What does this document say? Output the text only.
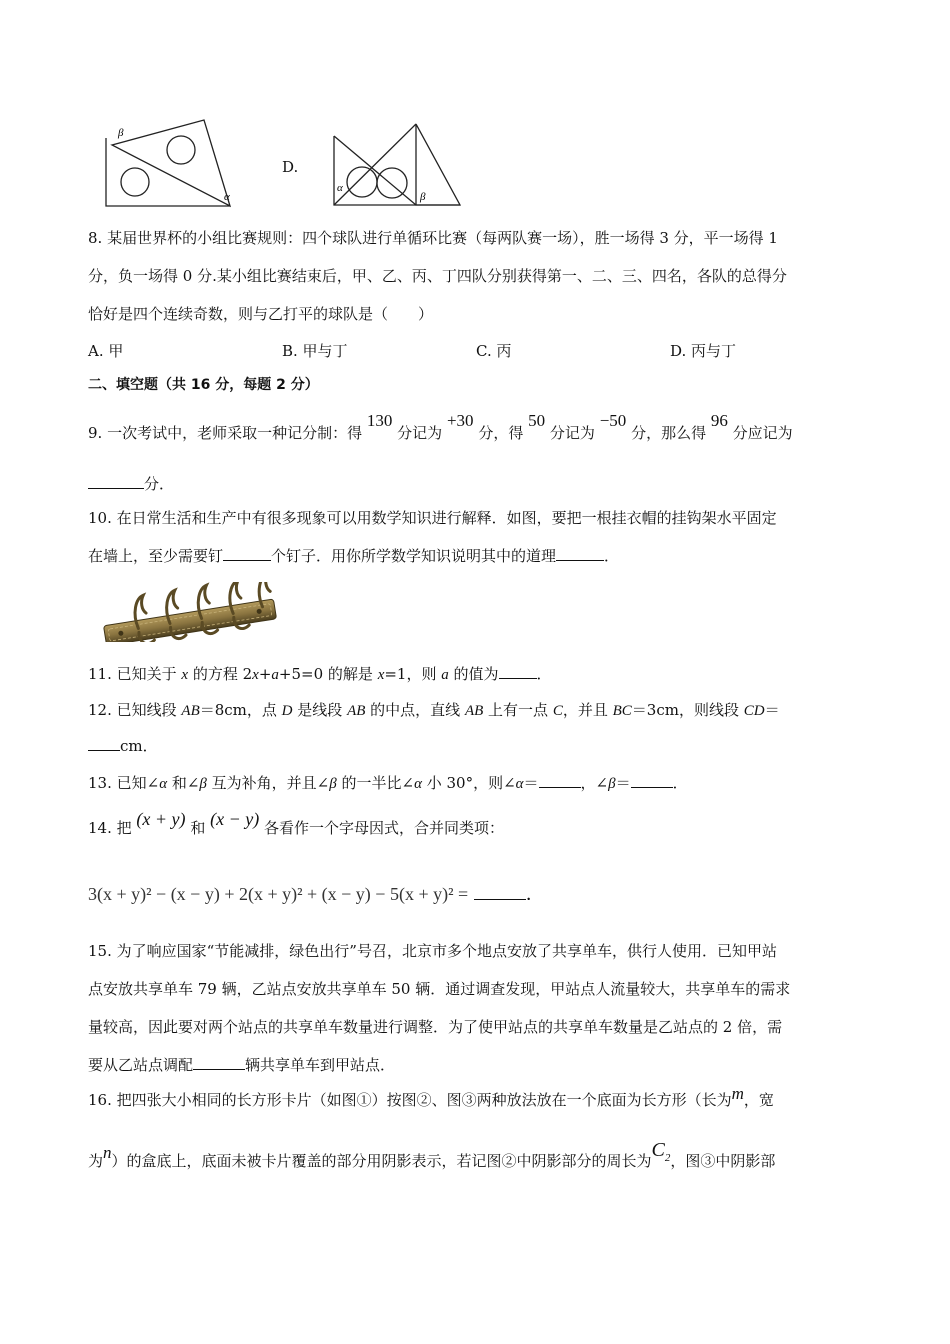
β
α
D.
α
β
8. 某届世界杯的小组比赛规则：四个球队进行单循环比赛（每两队赛一场），胜一场得 3 分，平一场得 1
分，负一场得 0 分.某小组比赛结束后，甲、乙、丙、丁四队分别获得第一、二、三、四名，各队的总得分
恰好是四个连续奇数，则与乙打平的球队是（　　）
A. 甲	B. 甲与丁	C. 丙	D. 丙与丁
二、填空题（共 16 分，每题 2 分）
9. 一次考试中，老师采取一种记分制：得 130 分记为 +30 分，得 50 分记为 −50 分，那么得 96 分应记为
分．
10. 在日常生活和生产中有很多现象可以用数学知识进行解释．如图，要把一根挂衣帽的挂钩架水平固定
在墙上，至少需要钉	个钉子．用你所学数学知识说明其中的道理	．
11. 已知关于 x 的方程 2x+a+5=0 的解是 x=1，则 a 的值为	．
12. 已知线段 AB＝8cm，点 D 是线段 AB 的中点，直线 AB 上有一点 C，并且 BC＝3cm，则线段 CD＝
cm．
13. 已知∠α 和∠β 互为补角，并且∠β 的一半比∠α 小 30°，则∠α＝	，∠β＝	．
14. 把 (x + y) 和 (x − y) 各看作一个字母因式，合并同类项：
3(x + y)² − (x − y) + 2(x + y)² + (x − y) − 5(x + y)² =	．
15. 为了响应国家“节能减排，绿色出行”号召，北京市多个地点安放了共享单车，供行人使用．已知甲站
点安放共享单车 79 辆，乙站点安放共享单车 50 辆．通过调查发现，甲站点人流量较大，共享单车的需求
量较高，因此要对两个站点的共享单车数量进行调整．为了使甲站点的共享单车数量是乙站点的 2 倍，需
要从乙站点调配	辆共享单车到甲站点．
16. 把四张大小相同的长方形卡片（如图①）按图②、图③两种放法放在一个底面为长方形（长为m，宽
为n）的盒底上，底面未被卡片覆盖的部分用阴影表示，若记图②中阴影部分的周长为$C_2$，图③中阴影部
